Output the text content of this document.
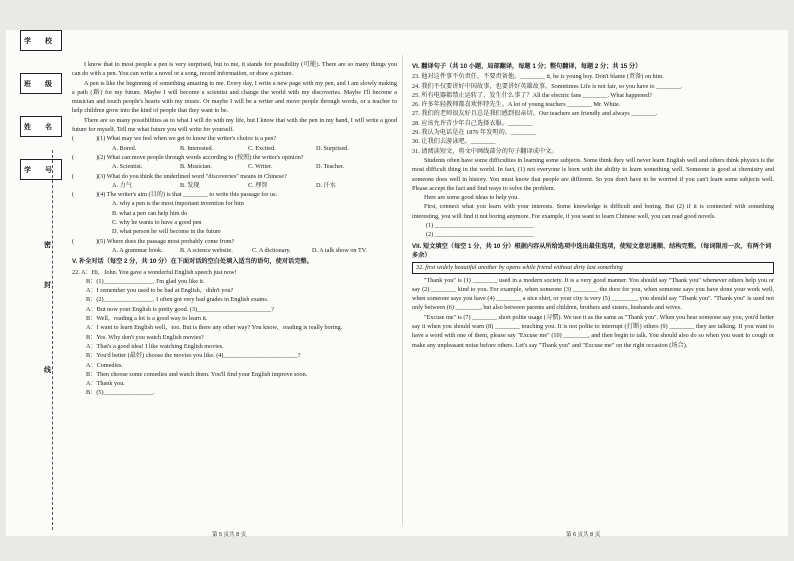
学 校
班 级
姓 名
学 号
密
封
线

I know that to most people a pen is very surprised, but to me, it stands for possibility (可能). There are so many things you can do with a pen. You can write a novel or a song, record information, or draw a picture.

A pen is like the beginning of something amazing to me. Every day, I write a new page with my pen, and I am slowly making a path (路) for my future. Maybe I will become a scientist and change the world with my discoveries. Maybe I'll become a musician and touch people's hearts with my music. Or maybe I will be a writer and move people through words, or a teacher to help children grow into the kind of people that they want to be.

There are so many possibilities as to what I will do with my life, but I know that with the pen in my hand, I will write a good future for myself. Tell me what future you will write for yourself.

(	)(1) What may we feel when we get to know the writer's choice is a pen?

A. Bored.	B. Interested.	C. Excited.	D. Surprised.

(	)(2) What can move people through words according to (按照) the writer's opinion?

A. Scientist.	B. Musician.	C. Writer.	D. Teacher.

(	)(3) What do you think the underlined word "discoveries" means in Chinese?

A. 力气	B. 发现	C. 理智	D. 汗水

(	)(4) The writer's aim (目的) is that ________ to write this passage for us.

A. why a pen is the most important invention for him

B. what a pen can help him do

C. why he wants to have a good pen

D. what person he will become in the future

(	)(5) Where does the passage most probably come from?

A. A grammar book.	B. A science website.	C. A dictionary.	D. A talk show on TV.

V. 补全对话（每空 2 分，共 10 分）在下面对话的空白处填入适当的语句，使对话完整。

22. A：Hi，John. You gave a wonderful English speech just now!

B：(1)________________. I'm glad you like it.

A：I remember you used to be bad at English，didn't you?

B：(2)________________. I often got very bad grades in English exams.

A：But now your English is pretty good. (3)________________________?

B：Well，reading a lot is a good way to learn it.

A：I want to learn English well，too. But is there any other way? You know，reading is really boring.

B：Yes. Why don't you watch English movies?

A：That's a good idea! I like watching English movies.

B：You'd better (最好) choose the movies you like. (4)________________________?

A：Comedies.

B：Then choose some comedies and watch them. You'll find your English improve soon.

A：Thank you.

B：(5)________________.

第 5 页共 8 页

VI. 翻译句子（共 10 小题，局部翻译，每题 1 分；整句翻译，每题 2 分；共 15 分）

23. 他对这件事不负责任，不要责备他。________ it, he is young boy. Don't blame (责备) on him.

24. 我们不仅要讲好中国故事，也要讲好英雄故事。Sometimes Life is not fair, so you have to ________.

25. 所有电器都禁止运转了，发生什么事了？All the electric fans ________. What happened?

26. 许多年轻教师都喜欢怀特先生。A lot of young teachers ________ Mr. White.

27. 我们的老师很友好且总是我们感到很亲切。Our teachers are friendly and always ________.

28. 应该允许青少年自己选择衣服。________

29. 我认为电话是在 1876 年发明的。________

30. 让我们去游泳吧。________

31. 请阅读短文，将文中画线部分的句子翻译成中文。

Students often have some difficulties in learning some subjects. Some think they will never learn English well and others think physics is the most difficult thing in the world. In fact, (1) not everyone is born with the ability to learn something well. Someone is good at chemistry and someone does well in history. You must know that people are different. So you don't have to be worried if you can't learn some subjects well. Please accept the fact and find ways to solve the problem.

Here are some good ideas to help you.

First, connect what you learn with your interests. Some knowledge is difficult and boring. But (2) if it is connected with something interesting, you will find it not boring anymore. For example, if you want to learn Chinese well, you can read good novels.

(1) ________________________________

(2) ________________________________

VII. 短文填空（每空 1 分，共 10 分）根据内容从所给选项中选出最佳选项，使短文意思通顺、结构完整。（每词限用一次，有两个词多余）

32. first widely beautiful another by opens while friend without dirty last something

"Thank you" is (1) ________ used in a modern society. It is a very good manner. You should say "Thank you" whenever others help you or say (2) ________ kind to you. For example, when someone (3) ________ the door for you, when someone says you have done your work well, when someone says you have (4) ________ a nice shirt, or your city is very (5) ________, you should say "Thank you". "Thank you" is used not only between (6) ________, but also between parents and children, brothers and sisters, husbands and wives.

"Excuse me" is (7) ________ short polite usage (习惯). We use it as the same as "Thank you". When you hear someone say you, you'd better say it when you should warn (8) ________ touching you. It is not polite to interrupt (打断) others (9) ________ they are talking. If you want to have a word with one of them, please say "Excuse me" (10) ________, and then begin to talk. You should also do so when you want to cough or make any unpleasant noise before others. Let's say "Thank you" and "Excuse me" on the right occasion (场合).

第 6 页共 8 页
